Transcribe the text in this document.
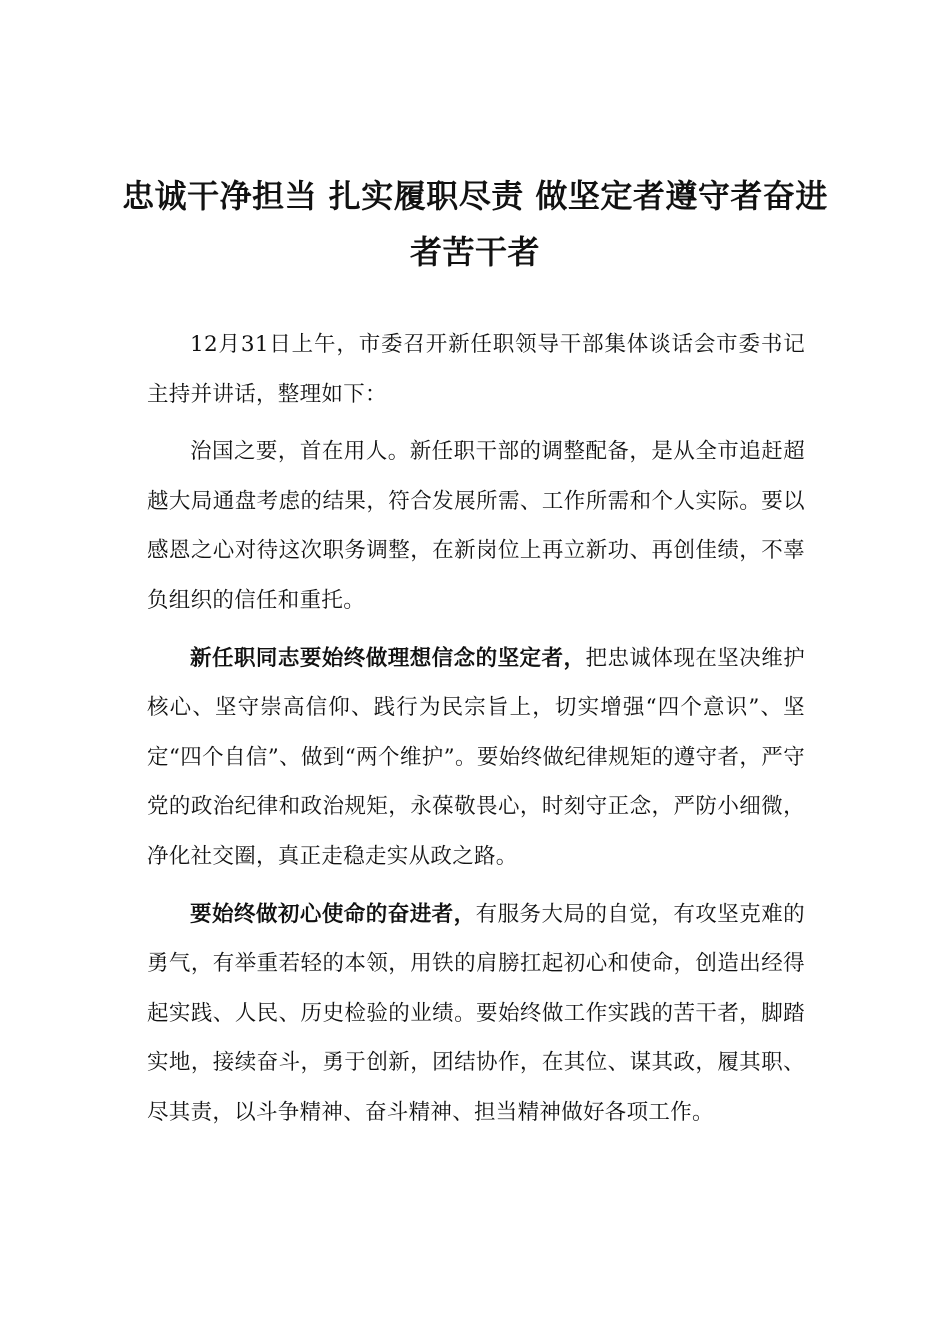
忠诚干净担当 扎实履职尽责 做坚定者遵守者奋进者苦干者

12月31日上午，市委召开新任职领导干部集体谈话会市委书记主持并讲话，整理如下：

治国之要，首在用人。新任职干部的调整配备，是从全市追赶超越大局通盘考虑的结果，符合发展所需、工作所需和个人实际。要以感恩之心对待这次职务调整，在新岗位上再立新功、再创佳绩，不辜负组织的信任和重托。

新任职同志要始终做理想信念的坚定者，把忠诚体现在坚决维护核心、坚守崇高信仰、践行为民宗旨上，切实增强“四个意识”、坚定“四个自信”、做到“两个维护”。要始终做纪律规矩的遵守者，严守党的政治纪律和政治规矩，永葆敬畏心，时刻守正念，严防小细微，净化社交圈，真正走稳走实从政之路。

要始终做初心使命的奋进者，有服务大局的自觉，有攻坚克难的勇气，有举重若轻的本领，用铁的肩膀扛起初心和使命，创造出经得起实践、人民、历史检验的业绩。要始终做工作实践的苦干者，脚踏实地，接续奋斗，勇于创新，团结协作，在其位、谋其政，履其职、尽其责，以斗争精神、奋斗精神、担当精神做好各项工作。
